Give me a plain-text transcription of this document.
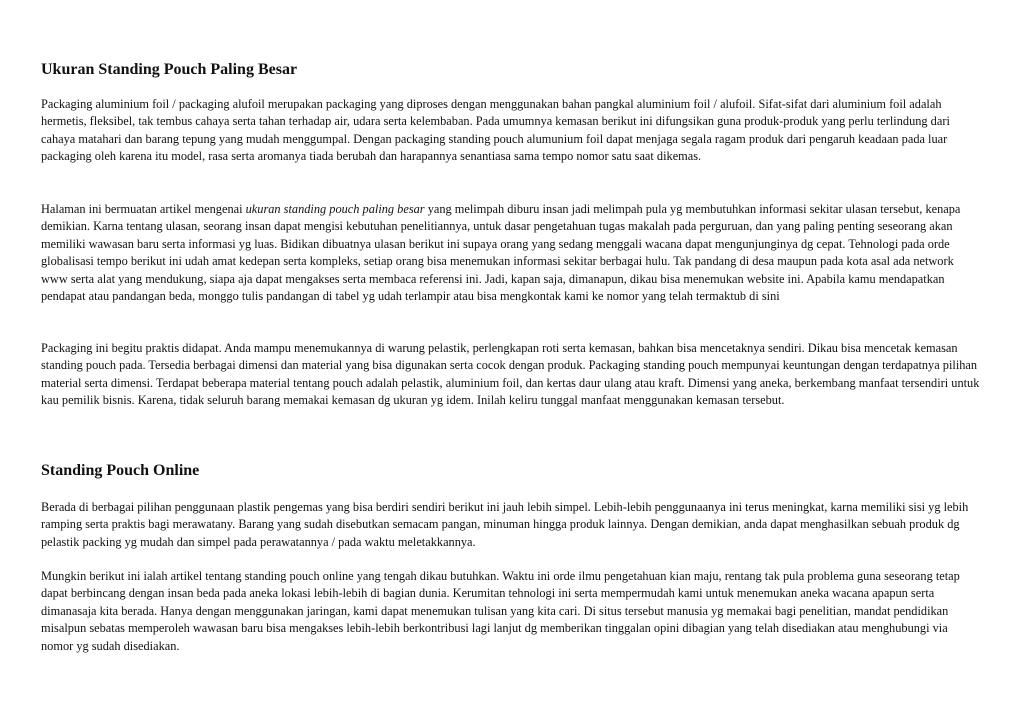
Ukuran Standing Pouch Paling Besar

Packaging aluminium foil / packaging alufoil merupakan packaging yang diproses dengan menggunakan bahan pangkal aluminium foil / alufoil. Sifat-sifat dari aluminium foil adalah hermetis, fleksibel, tak tembus cahaya serta tahan terhadap air, udara serta kelembaban. Pada umumnya kemasan berikut ini difungsikan guna produk-produk yang perlu terlindung dari cahaya matahari dan barang tepung yang mudah menggumpal. Dengan packaging standing pouch alumunium foil dapat menjaga segala ragam produk dari pengaruh keadaan pada luar packaging oleh karena itu model, rasa serta aromanya tiada berubah dan harapannya senantiasa sama tempo nomor satu saat dikemas.

Halaman ini bermuatan artikel mengenai ukuran standing pouch paling besar yang melimpah diburu insan jadi melimpah pula yg membutuhkan informasi sekitar ulasan tersebut, kenapa demikian. Karna tentang ulasan, seorang insan dapat mengisi kebutuhan penelitiannya, untuk dasar pengetahuan tugas makalah pada perguruan, dan yang paling penting seseorang akan memiliki wawasan baru serta informasi yg luas. Bidikan dibuatnya ulasan berikut ini supaya orang yang sedang menggali wacana dapat mengunjunginya dg cepat. Tehnologi pada orde globalisasi tempo berikut ini udah amat kedepan serta kompleks, setiap orang bisa menemukan informasi sekitar berbagai hulu. Tak pandang di desa maupun pada kota asal ada network www serta alat yang mendukung, siapa aja dapat mengakses serta membaca referensi ini. Jadi, kapan saja, dimanapun, dikau bisa menemukan website ini. Apabila kamu mendapatkan pendapat atau pandangan beda, monggo tulis pandangan di tabel yg udah terlampir atau bisa mengkontak kami ke nomor yang telah termaktub di sini

Packaging ini begitu praktis didapat. Anda mampu menemukannya di warung pelastik, perlengkapan roti serta kemasan, bahkan bisa mencetaknya sendiri. Dikau bisa mencetak kemasan standing pouch pada. Tersedia berbagai dimensi dan material yang bisa digunakan serta cocok dengan produk. Packaging standing pouch mempunyai keuntungan dengan terdapatnya pilihan material serta dimensi. Terdapat beberapa material tentang pouch adalah pelastik, aluminium foil, dan kertas daur ulang atau kraft. Dimensi yang aneka, berkembang manfaat tersendiri untuk kau pemilik bisnis. Karena, tidak seluruh barang memakai kemasan dg ukuran yg idem. Inilah keliru tunggal manfaat menggunakan kemasan tersebut.

Standing Pouch Online

Berada di berbagai pilihan penggunaan plastik pengemas yang bisa berdiri sendiri berikut ini jauh lebih simpel. Lebih-lebih penggunaanya ini terus meningkat, karna memiliki sisi yg lebih ramping serta praktis bagi merawatany. Barang yang sudah disebutkan semacam pangan, minuman hingga produk lainnya. Dengan demikian, anda dapat menghasilkan sebuah produk dg pelastik packing yg mudah dan simpel pada perawatannya / pada waktu meletakkannya.

Mungkin berikut ini ialah artikel tentang standing pouch online yang tengah dikau butuhkan. Waktu ini orde ilmu pengetahuan kian maju, rentang tak pula problema guna seseorang tetap dapat berbincang dengan insan beda pada aneka lokasi lebih-lebih di bagian dunia. Kerumitan tehnologi ini serta mempermudah kami untuk menemukan aneka wacana apapun serta dimanasaja kita berada. Hanya dengan menggunakan jaringan, kami dapat menemukan tulisan yang kita cari. Di situs tersebut manusia yg memakai bagi penelitian, mandat pendidikan misalpun sebatas memperoleh wawasan baru bisa mengakses lebih-lebih berkontribusi lagi lanjut dg memberikan tinggalan opini dibagian yang telah disediakan atau menghubungi via nomor yg sudah disediakan.
